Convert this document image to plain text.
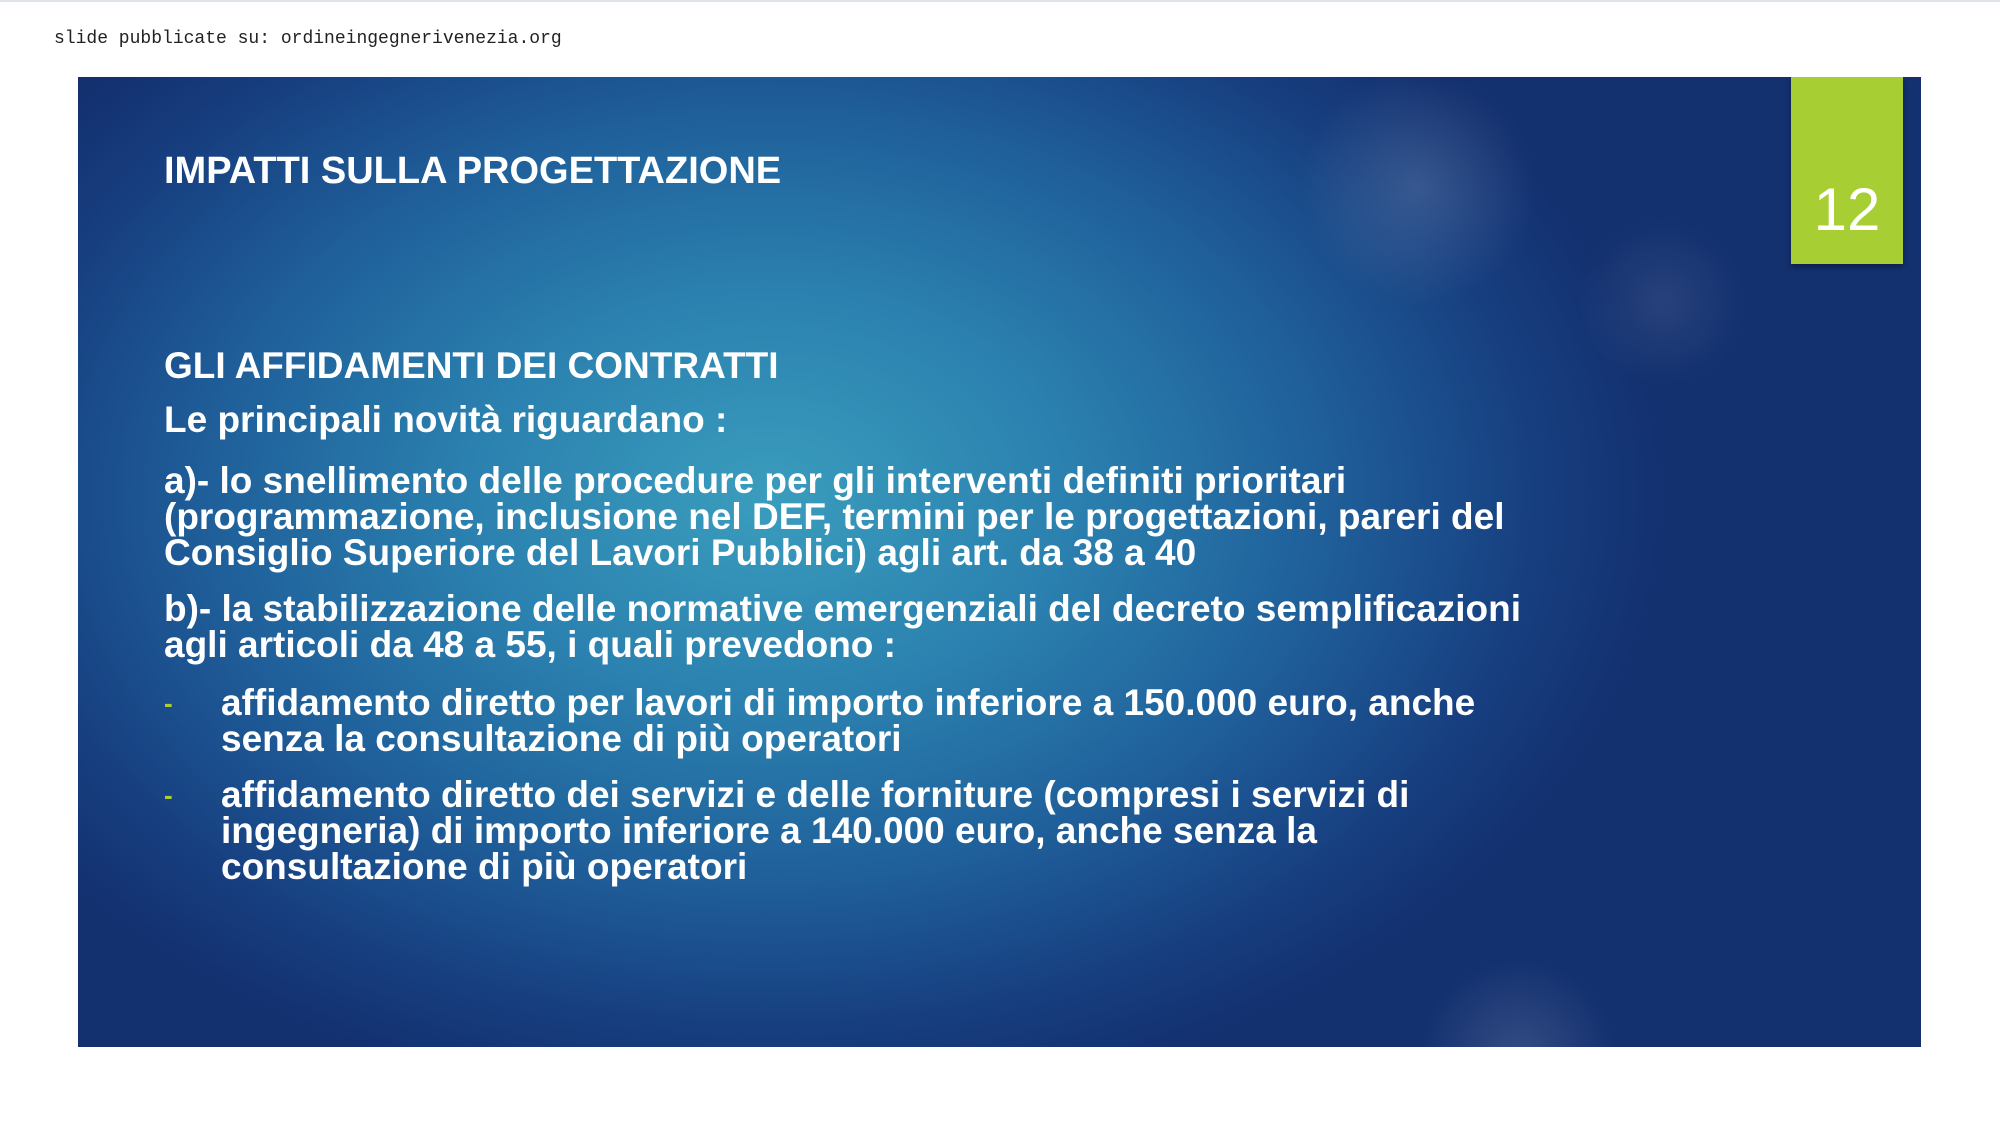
slide pubblicate su: ordineingegnerivenezia.org
12
IMPATTI SULLA PROGETTAZIONE
GLI AFFIDAMENTI DEI CONTRATTI
Le principali novità riguardano :
a)- lo snellimento delle procedure per gli interventi definiti prioritari
(programmazione, inclusione nel DEF, termini per le progettazioni, pareri del
Consiglio Superiore del Lavori Pubblici) agli art. da 38 a 40
b)- la stabilizzazione delle normative emergenziali del decreto semplificazioni
agli articoli da 48 a 55, i quali prevedono :
- affidamento diretto per lavori di importo inferiore a 150.000 euro, anche
senza la consultazione di più operatori
- affidamento diretto dei servizi e delle forniture (compresi i servizi di
ingegneria) di importo inferiore a 140.000 euro, anche senza la
consultazione di più operatori
